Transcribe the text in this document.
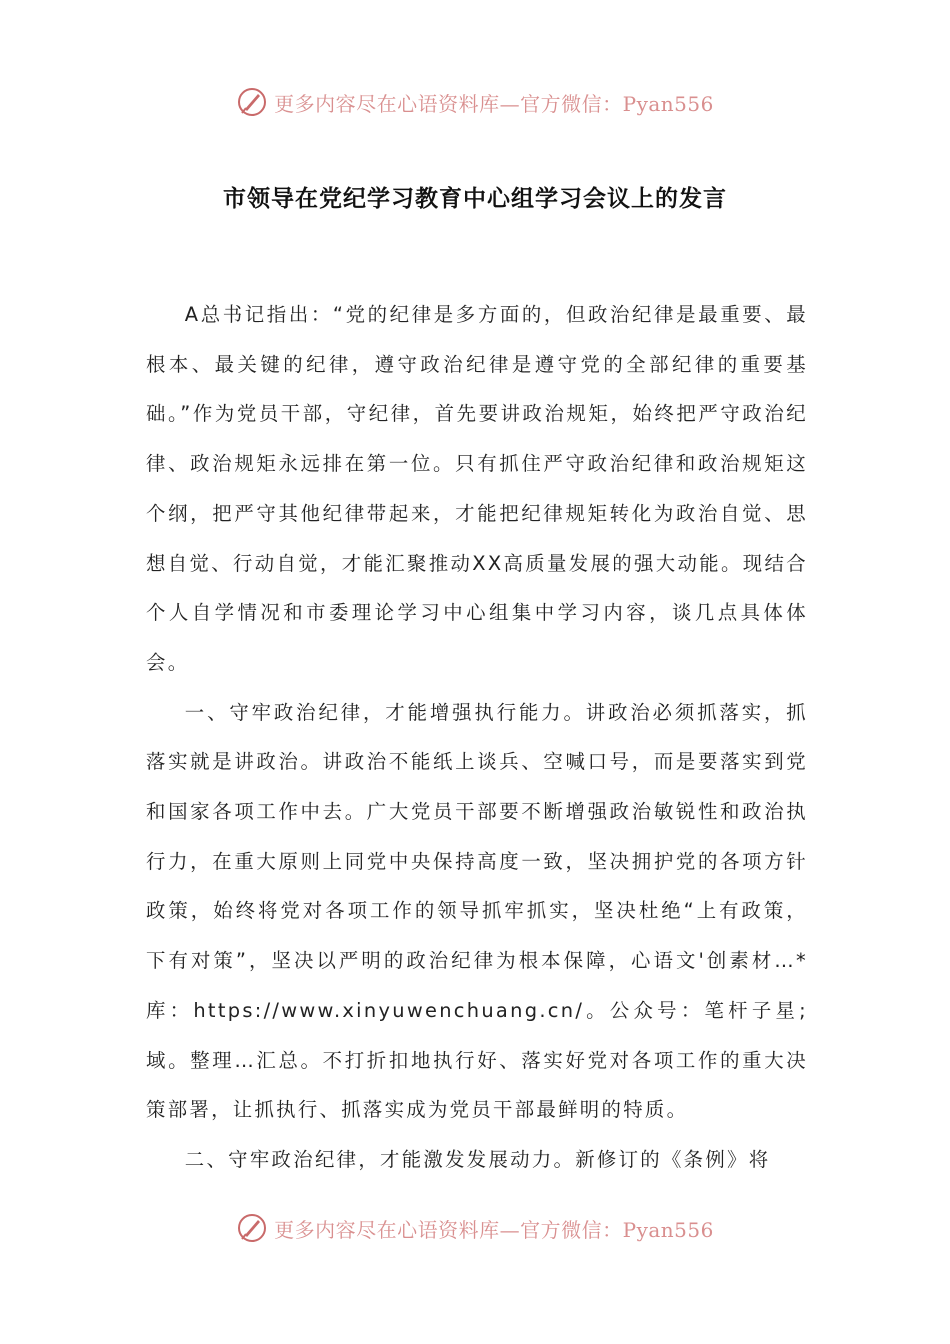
更多内容尽在心语资料库—官方微信：Pyan556
市领导在党纪学习教育中心组学习会议上的发言

A总书记指出：“党的纪律是多方面的，但政治纪律是最重要、最根本、最关键的纪律，遵守政治纪律是遵守党的全部纪律的重要基础。”作为党员干部，守纪律，首先要讲政治规矩，始终把严守政治纪律、政治规矩永远排在第一位。只有抓住严守政治纪律和政治规矩这个纲，把严守其他纪律带起来，才能把纪律规矩转化为政治自觉、思想自觉、行动自觉，才能汇聚推动XX高质量发展的强大动能。现结合个人自学情况和市委理论学习中心组集中学习内容，谈几点具体体会。

一、守牢政治纪律，才能增强执行能力。讲政治必须抓落实，抓落实就是讲政治。讲政治不能纸上谈兵、空喊口号，而是要落实到党和国家各项工作中去。广大党员干部要不断增强政治敏锐性和政治执行力，在重大原则上同党中央保持高度一致，坚决拥护党的各项方针政策，始终将党对各项工作的领导抓牢抓实，坚决杜绝“上有政策，下有对策”，坚决以严明的政治纪律为根本保障，心语文'创素材…*库：https://www.xinyuwenchuang.cn/。公众号：笔杆子星;域。整理…汇总。不打折扣地执行好、落实好党对各项工作的重大决策部署，让抓执行、抓落实成为党员干部最鲜明的特质。

二、守牢政治纪律，才能激发发展动力。新修订的《条例》将

更多内容尽在心语资料库—官方微信：Pyan556
